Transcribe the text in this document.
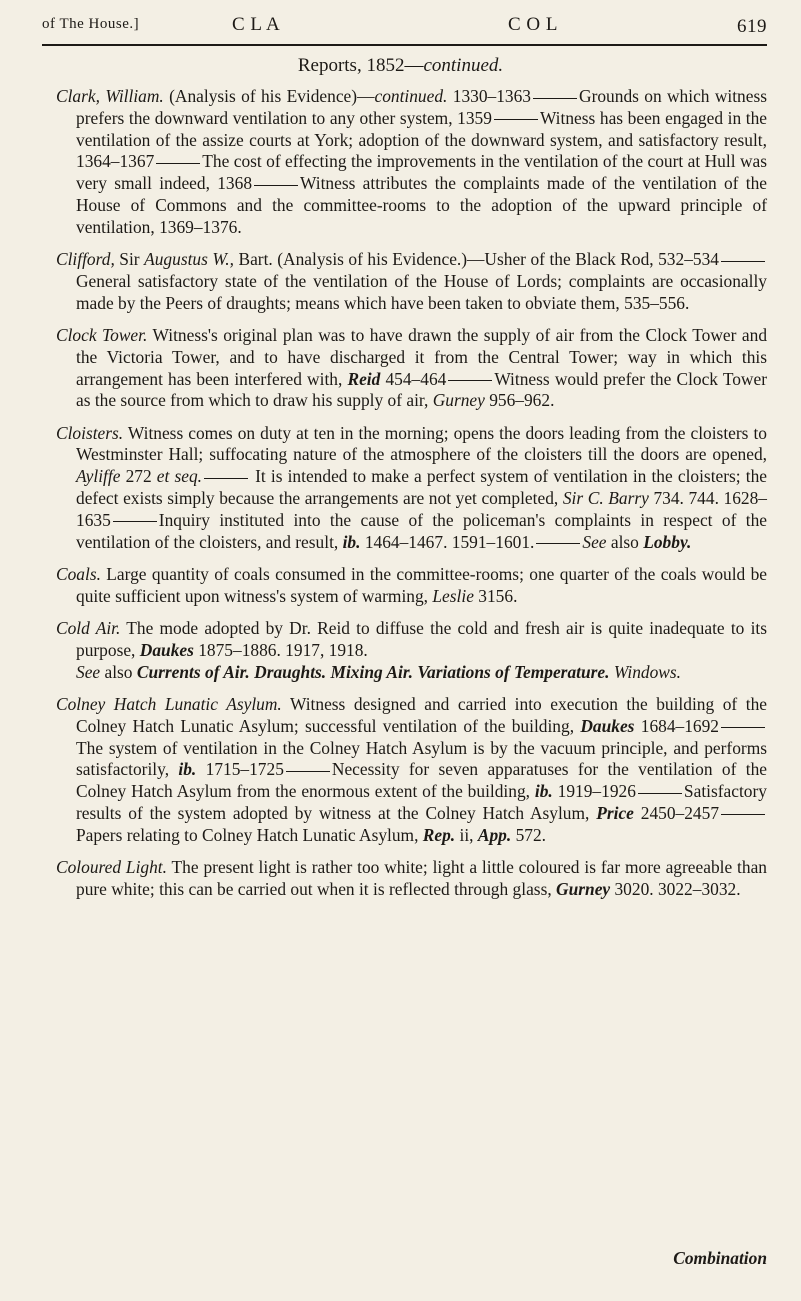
of The House.]	C L A	C O L	619
Reports, 1852—continued.

Clark, William. (Analysis of his Evidence)—continued. 1330–1363	Grounds on which witness prefers the downward ventilation to any other system, 1359	Witness has been engaged in the ventilation of the assize courts at York; adoption of the downward system, and satisfactory result, 1364–1367	The cost of effecting the improvements in the ventilation of the court at Hull was very small indeed, 1368	Witness attributes the complaints made of the ventilation of the House of Commons and the committee-rooms to the adoption of the upward principle of ventilation, 1369–1376.

Clifford, Sir Augustus W., Bart. (Analysis of his Evidence.)—Usher of the Black Rod, 532–534General satisfactory state of the ventilation of the House of Lords; complaints are occasionally made by the Peers of draughts; means which have been taken to obviate them, 535–556.

Clock Tower. Witness's original plan was to have drawn the supply of air from the Clock Tower and the Victoria Tower, and to have discharged it from the Central Tower; way in which this arrangement has been interfered with, Reid 454–464	Witness would prefer the Clock Tower as the source from which to draw his supply of air, Gurney 956–962.

Cloisters. Witness comes on duty at ten in the morning; opens the doors leading from the cloisters to Westminster Hall; suffocating nature of the atmosphere of the cloisters till the doors are opened, Ayliffe 272 et seq.	It is intended to make a perfect system of ventilation in the cloisters; the defect exists simply because the arrangements are not yet completed, Sir C. Barry 734. 744. 1628–1635	Inquiry instituted into the cause of the policeman's complaints in respect of the ventilation of the cloisters, and result, ib. 1464–1467. 1591–1601.	See also Lobby.

Coals. Large quantity of coals consumed in the committee-rooms; one quarter of the coals would be quite sufficient upon witness's system of warming, Leslie 3156.

Cold Air. The mode adopted by Dr. Reid to diffuse the cold and fresh air is quite inadequate to its purpose, Daukes 1875–1886. 1917, 1918.
See also Currents of Air. Draughts. Mixing Air. Variations of Temperature. Windows.

Colney Hatch Lunatic Asylum. Witness designed and carried into execution the building of the Colney Hatch Lunatic Asylum; successful ventilation of the building, Daukes 1684–1692The system of ventilation in the Colney Hatch Asylum is by the vacuum principle, and performs satisfactorily, ib. 1715–1725	Necessity for seven apparatuses for the ventilation of the Colney Hatch Asylum from the enormous extent of the building, ib. 1919–1926	Satisfactory results of the system adopted by witness at the Colney Hatch Asylum, Price 2450–2457Papers relating to Colney Hatch Lunatic Asylum, Rep. ii, App. 572.

Coloured Light. The present light is rather too white; light a little coloured is far more agreeable than pure white; this can be carried out when it is reflected through glass, Gurney 3020. 3022–3032.

Combination
